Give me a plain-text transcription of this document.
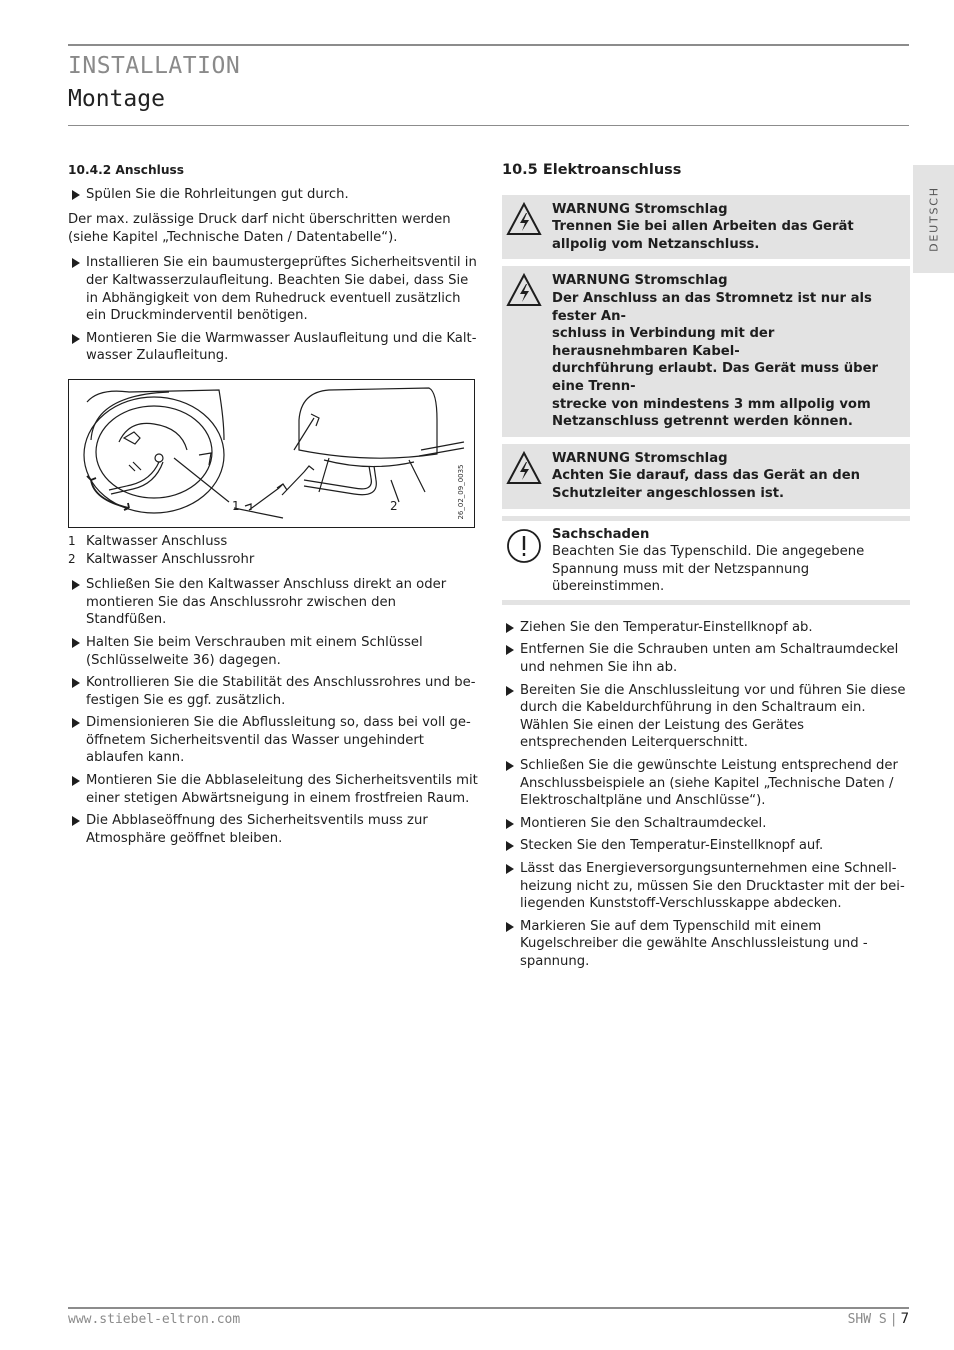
INSTALLATION
Montage
DEUTSCH
10.4.2 Anschluss
Spülen Sie die Rohrleitungen gut durch.

Der max. zulässige Druck darf nicht überschritten werden (siehe Kapitel „Technische Daten / Datentabelle“).

Installieren Sie ein baumustergeprüftes Sicherheitsventil in der Kaltwasserzulaufleitung. Beachten Sie dabei, dass Sie
in Abhängigkeit von dem Ruhedruck eventuell zusätzlich ein Druckminderventil benötigen.
Montieren Sie die Warmwasser Auslaufleitung und die Kalt-
wasser Zulaufleitung.
1	2	26_02_09_0035
1 Kaltwasser Anschluss
2 Kaltwasser Anschlussrohr
Schließen Sie den Kaltwasser Anschluss direkt an oder montieren Sie das Anschlussrohr zwischen den Standfüßen.
Halten Sie beim Verschrauben mit einem Schlüssel (Schlüsselweite 36) dagegen.
Kontrollieren Sie die Stabilität des Anschlussrohres und be-
festigen Sie es ggf. zusätzlich.
Dimensionieren Sie die Abflussleitung so, dass bei voll ge-
öffnetem Sicherheitsventil das Wasser ungehindert ablaufen kann.
Montieren Sie die Abblaseleitung des Sicherheitsventils mit einer stetigen Abwärtsneigung in einem frostfreien Raum.
Die Abblaseöffnung des Sicherheitsventils muss zur Atmosphäre geöffnet bleiben.
10.5 Elektroanschluss
WARNUNG Stromschlag
Trennen Sie bei allen Arbeiten das Gerät allpolig vom Netzanschluss.
WARNUNG Stromschlag
Der Anschluss an das Stromnetz ist nur als fester An-
schluss in Verbindung mit der herausnehmbaren Kabel-
durchführung erlaubt. Das Gerät muss über eine Trenn-
strecke von mindestens 3 mm allpolig vom Netzanschluss getrennt werden können.
WARNUNG Stromschlag
Achten Sie darauf, dass das Gerät an den Schutzleiter angeschlossen ist.
Sachschaden
Beachten Sie das Typenschild. Die angegebene Spannung muss mit der Netzspannung übereinstimmen.
Ziehen Sie den Temperatur-Einstellknopf ab.
Entfernen Sie die Schrauben unten am Schaltraumdeckel und nehmen Sie ihn ab.
Bereiten Sie die Anschlussleitung vor und führen Sie diese durch die Kabeldurchführung in den Schaltraum ein.
Wählen Sie einen der Leistung des Gerätes entsprechenden Leiterquerschnitt.
Schließen Sie die gewünschte Leistung entsprechend der Anschlussbeispiele an (siehe Kapitel „Technische Daten / Elektroschaltpläne und Anschlüsse“).
Montieren Sie den Schaltraumdeckel.
Stecken Sie den Temperatur-Einstellknopf auf.
Lässt das Energieversorgungsunternehmen eine Schnell-
heizung nicht zu, müssen Sie den Drucktaster mit der bei-
liegenden Kunststoff-Verschlusskappe abdecken.
Markieren Sie auf dem Typenschild mit einem Kugelschreiber die gewählte Anschlussleistung und -spannung.
www.stiebel-eltron.com	SHW S | 7
